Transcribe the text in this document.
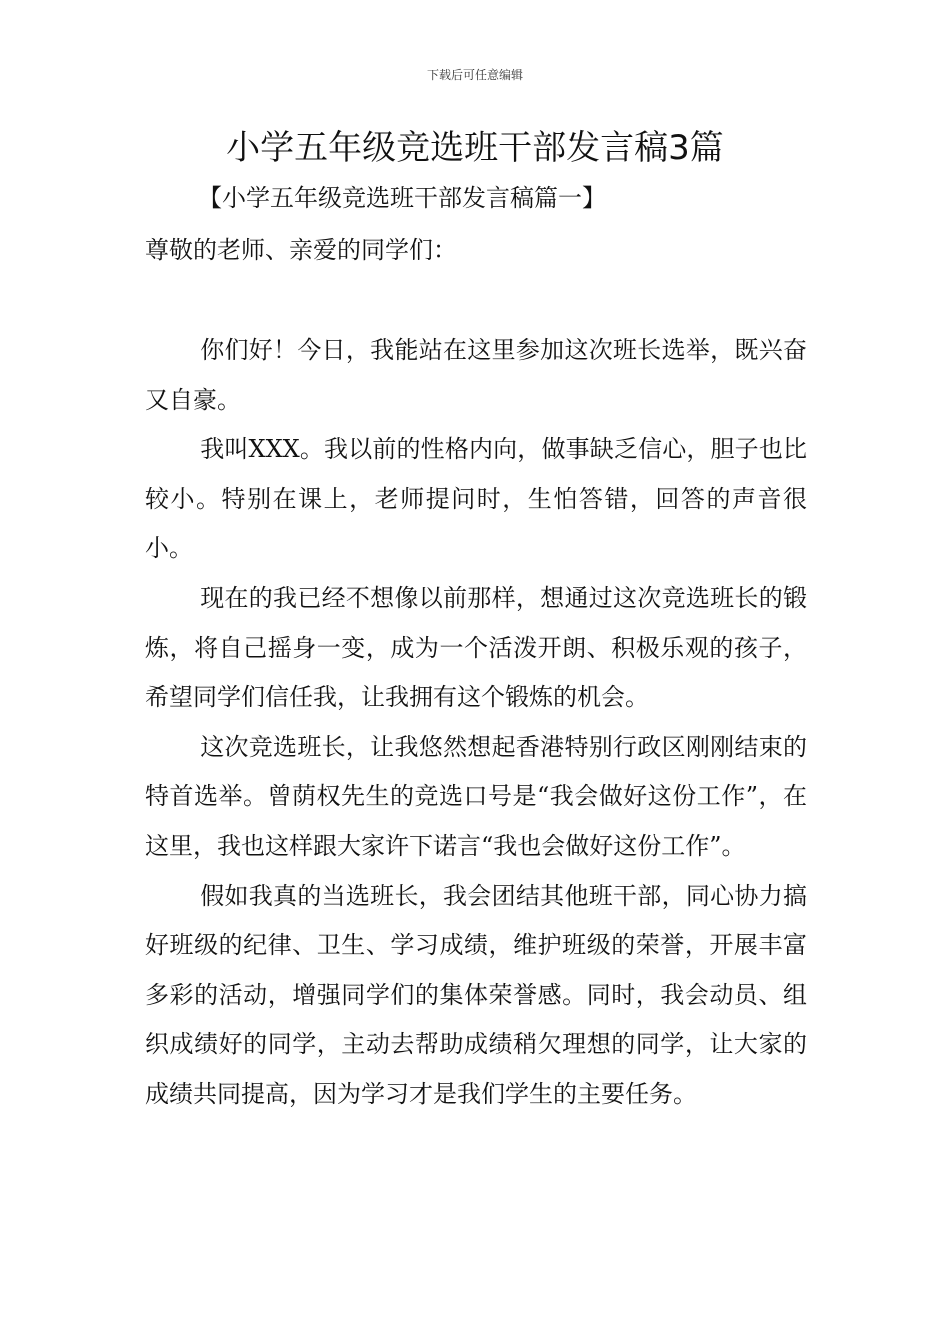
下载后可任意编辑
小学五年级竞选班干部发言稿3篇
【小学五年级竞选班干部发言稿篇一】
尊敬的老师、亲爱的同学们：

你们好！今日，我能站在这里参加这次班长选举，既兴奋又自豪。

我叫XXX。我以前的性格内向，做事缺乏信心，胆子也比较小。特别在课上，老师提问时，生怕答错，回答的声音很小。

现在的我已经不想像以前那样，想通过这次竞选班长的锻炼，将自己摇身一变，成为一个活泼开朗、积极乐观的孩子，希望同学们信任我，让我拥有这个锻炼的机会。

这次竞选班长，让我悠然想起香港特别行政区刚刚结束的特首选举。曾荫权先生的竞选口号是“我会做好这份工作”，在这里，我也这样跟大家许下诺言“我也会做好这份工作”。

假如我真的当选班长，我会团结其他班干部，同心协力搞好班级的纪律、卫生、学习成绩，维护班级的荣誉，开展丰富多彩的活动，增强同学们的集体荣誉感。同时，我会动员、组织成绩好的同学，主动去帮助成绩稍欠理想的同学，让大家的成绩共同提高，因为学习才是我们学生的主要任务。
